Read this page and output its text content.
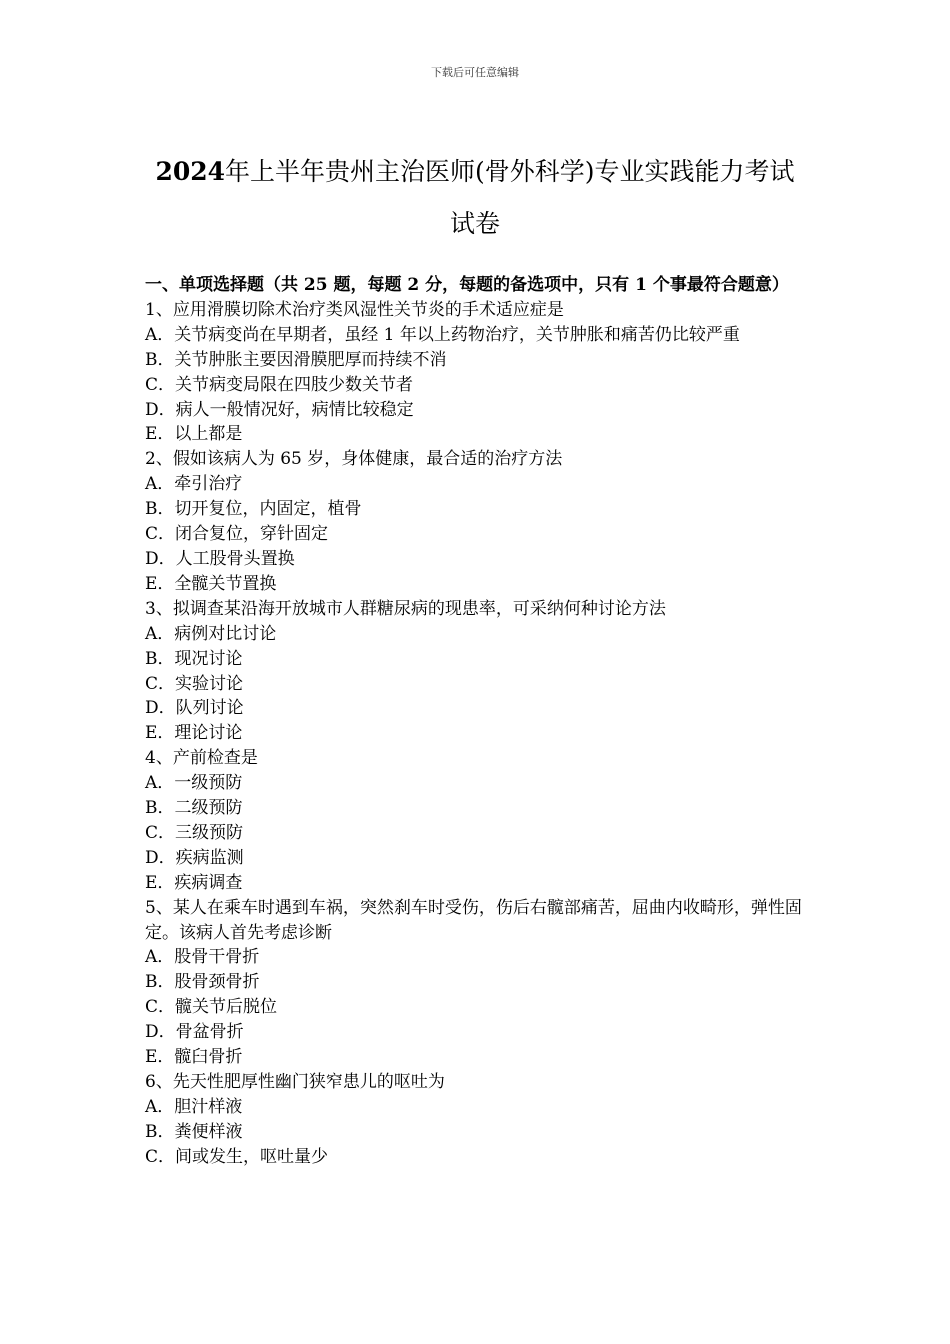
下载后可任意编辑
2024年上半年贵州主治医师(骨外科学)专业实践能力考试
试卷

一、单项选择题（共 25 题，每题 2 分，每题的备选项中，只有 1 个事最符合题意）

1、应用滑膜切除术治疗类风湿性关节炎的手术适应症是

A．关节病变尚在早期者，虽经 1 年以上药物治疗，关节肿胀和痛苦仍比较严重

B．关节肿胀主要因滑膜肥厚而持续不消

C．关节病变局限在四肢少数关节者

D．病人一般情况好，病情比较稳定

E．以上都是

2、假如该病人为 65 岁，身体健康，最合适的治疗方法

A．牵引治疗

B．切开复位，内固定，植骨

C．闭合复位，穿针固定

D．人工股骨头置换

E．全髋关节置换

3、拟调查某沿海开放城市人群糖尿病的现患率，可采纳何种讨论方法

A．病例对比讨论

B．现况讨论

C．实验讨论

D．队列讨论

E．理论讨论

4、产前检查是

A．一级预防

B．二级预防

C．三级预防

D．疾病监测

E．疾病调查

5、某人在乘车时遇到车祸，突然刹车时受伤，伤后右髋部痛苦，屈曲内收畸形，弹性固定。该病人首先考虑诊断

A．股骨干骨折

B．股骨颈骨折

C．髋关节后脱位

D．骨盆骨折

E．髋臼骨折

6、先天性肥厚性幽门狭窄患儿的呕吐为

A．胆汁样液

B．粪便样液

C．间或发生，呕吐量少
